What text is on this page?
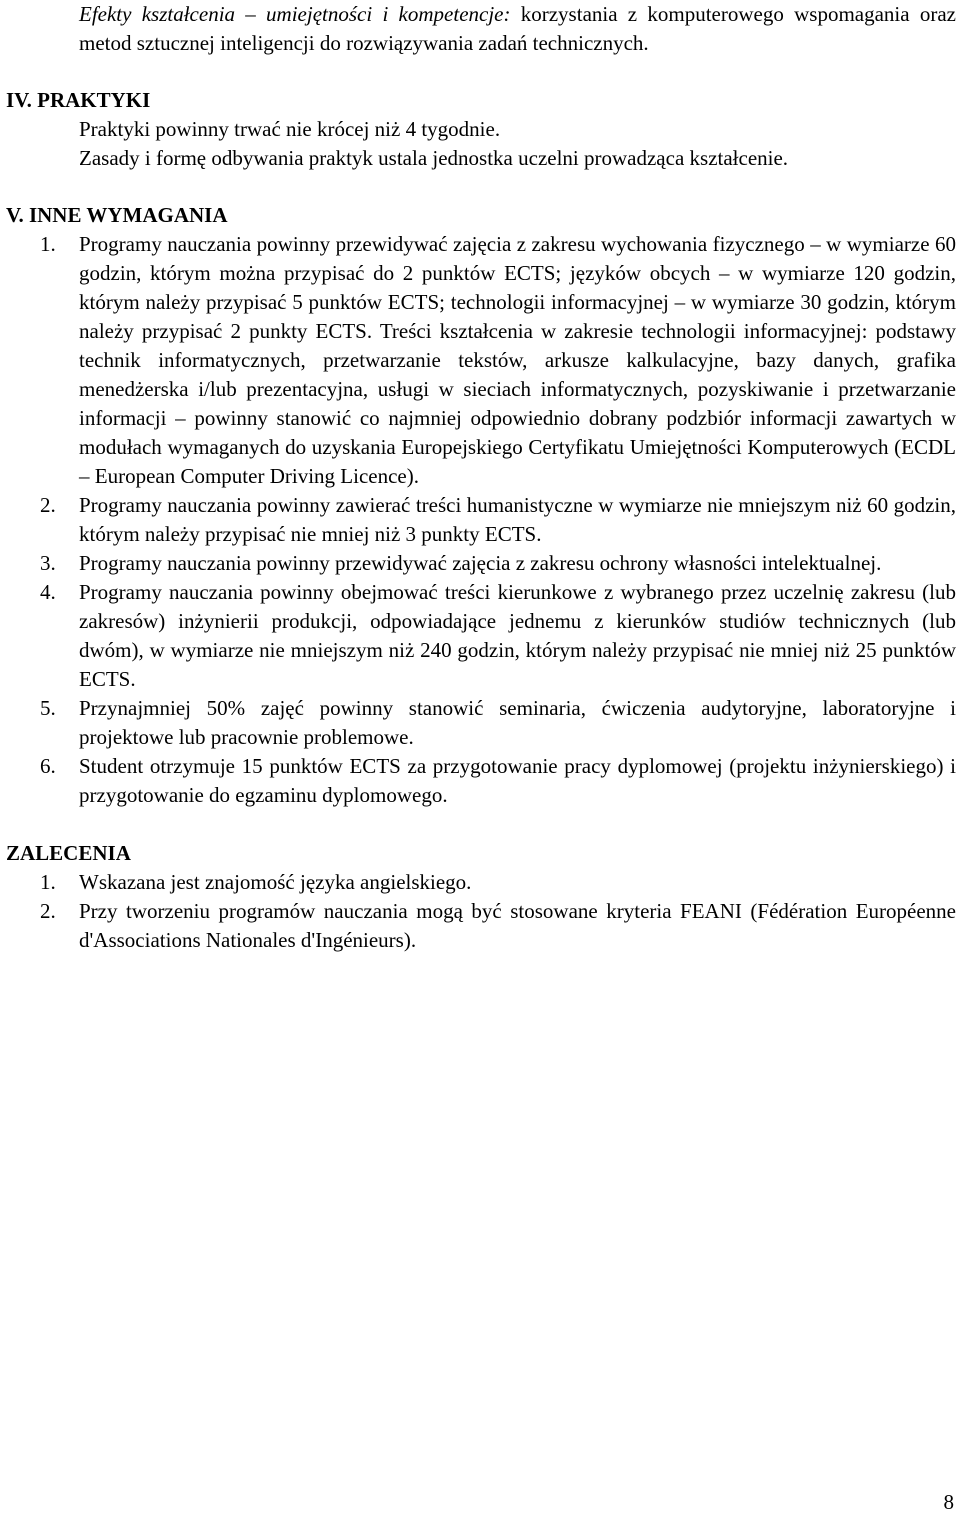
Efekty kształcenia – umiejętności i kompetencje: korzystania z komputerowego wspomagania oraz metod sztucznej inteligencji do rozwiązywania zadań technicznych.

IV. PRAKTYKI

Praktyki powinny trwać nie krócej niż 4 tygodnie.

Zasady i formę odbywania praktyk ustala jednostka uczelni prowadząca kształcenie.

V. INNE WYMAGANIA

1. Programy nauczania powinny przewidywać zajęcia z zakresu wychowania fizycznego – w wymiarze 60 godzin, którym można przypisać do 2 punktów ECTS; języków obcych – w wymiarze 120 godzin, którym należy przypisać 5 punktów ECTS; technologii informacyjnej – w wymiarze 30 godzin, którym należy przypisać 2 punkty ECTS. Treści kształcenia w zakresie technologii informacyjnej: podstawy technik informatycznych, przetwarzanie tekstów, arkusze kalkulacyjne, bazy danych, grafika menedżerska i/lub prezentacyjna, usługi w sieciach informatycznych, pozyskiwanie i przetwarzanie informacji – powinny stanowić co najmniej odpowiednio dobrany podzbiór informacji zawartych w modułach wymaganych do uzyskania Europejskiego Certyfikatu Umiejętności Komputerowych (ECDL – European Computer Driving Licence).
2. Programy nauczania powinny zawierać treści humanistyczne w wymiarze nie mniejszym niż 60 godzin, którym należy przypisać nie mniej niż 3 punkty ECTS.
3. Programy nauczania powinny przewidywać zajęcia z zakresu ochrony własności intelektualnej.
4. Programy nauczania powinny obejmować treści kierunkowe z wybranego przez uczelnię zakresu (lub zakresów) inżynierii produkcji, odpowiadające jednemu z kierunków studiów technicznych (lub dwóm), w wymiarze nie mniejszym niż 240 godzin, którym należy przypisać nie mniej niż 25 punktów ECTS.
5. Przynajmniej 50% zajęć powinny stanowić seminaria, ćwiczenia audytoryjne, laboratoryjne i projektowe lub pracownie problemowe.
6. Student otrzymuje 15 punktów ECTS za przygotowanie pracy dyplomowej (projektu inżynierskiego) i przygotowanie do egzaminu dyplomowego.

ZALECENIA

1. Wskazana jest znajomość języka angielskiego.
2. Przy tworzeniu programów nauczania mogą być stosowane kryteria FEANI (Fédération Européenne d'Associations Nationales d'Ingénieurs).
8
